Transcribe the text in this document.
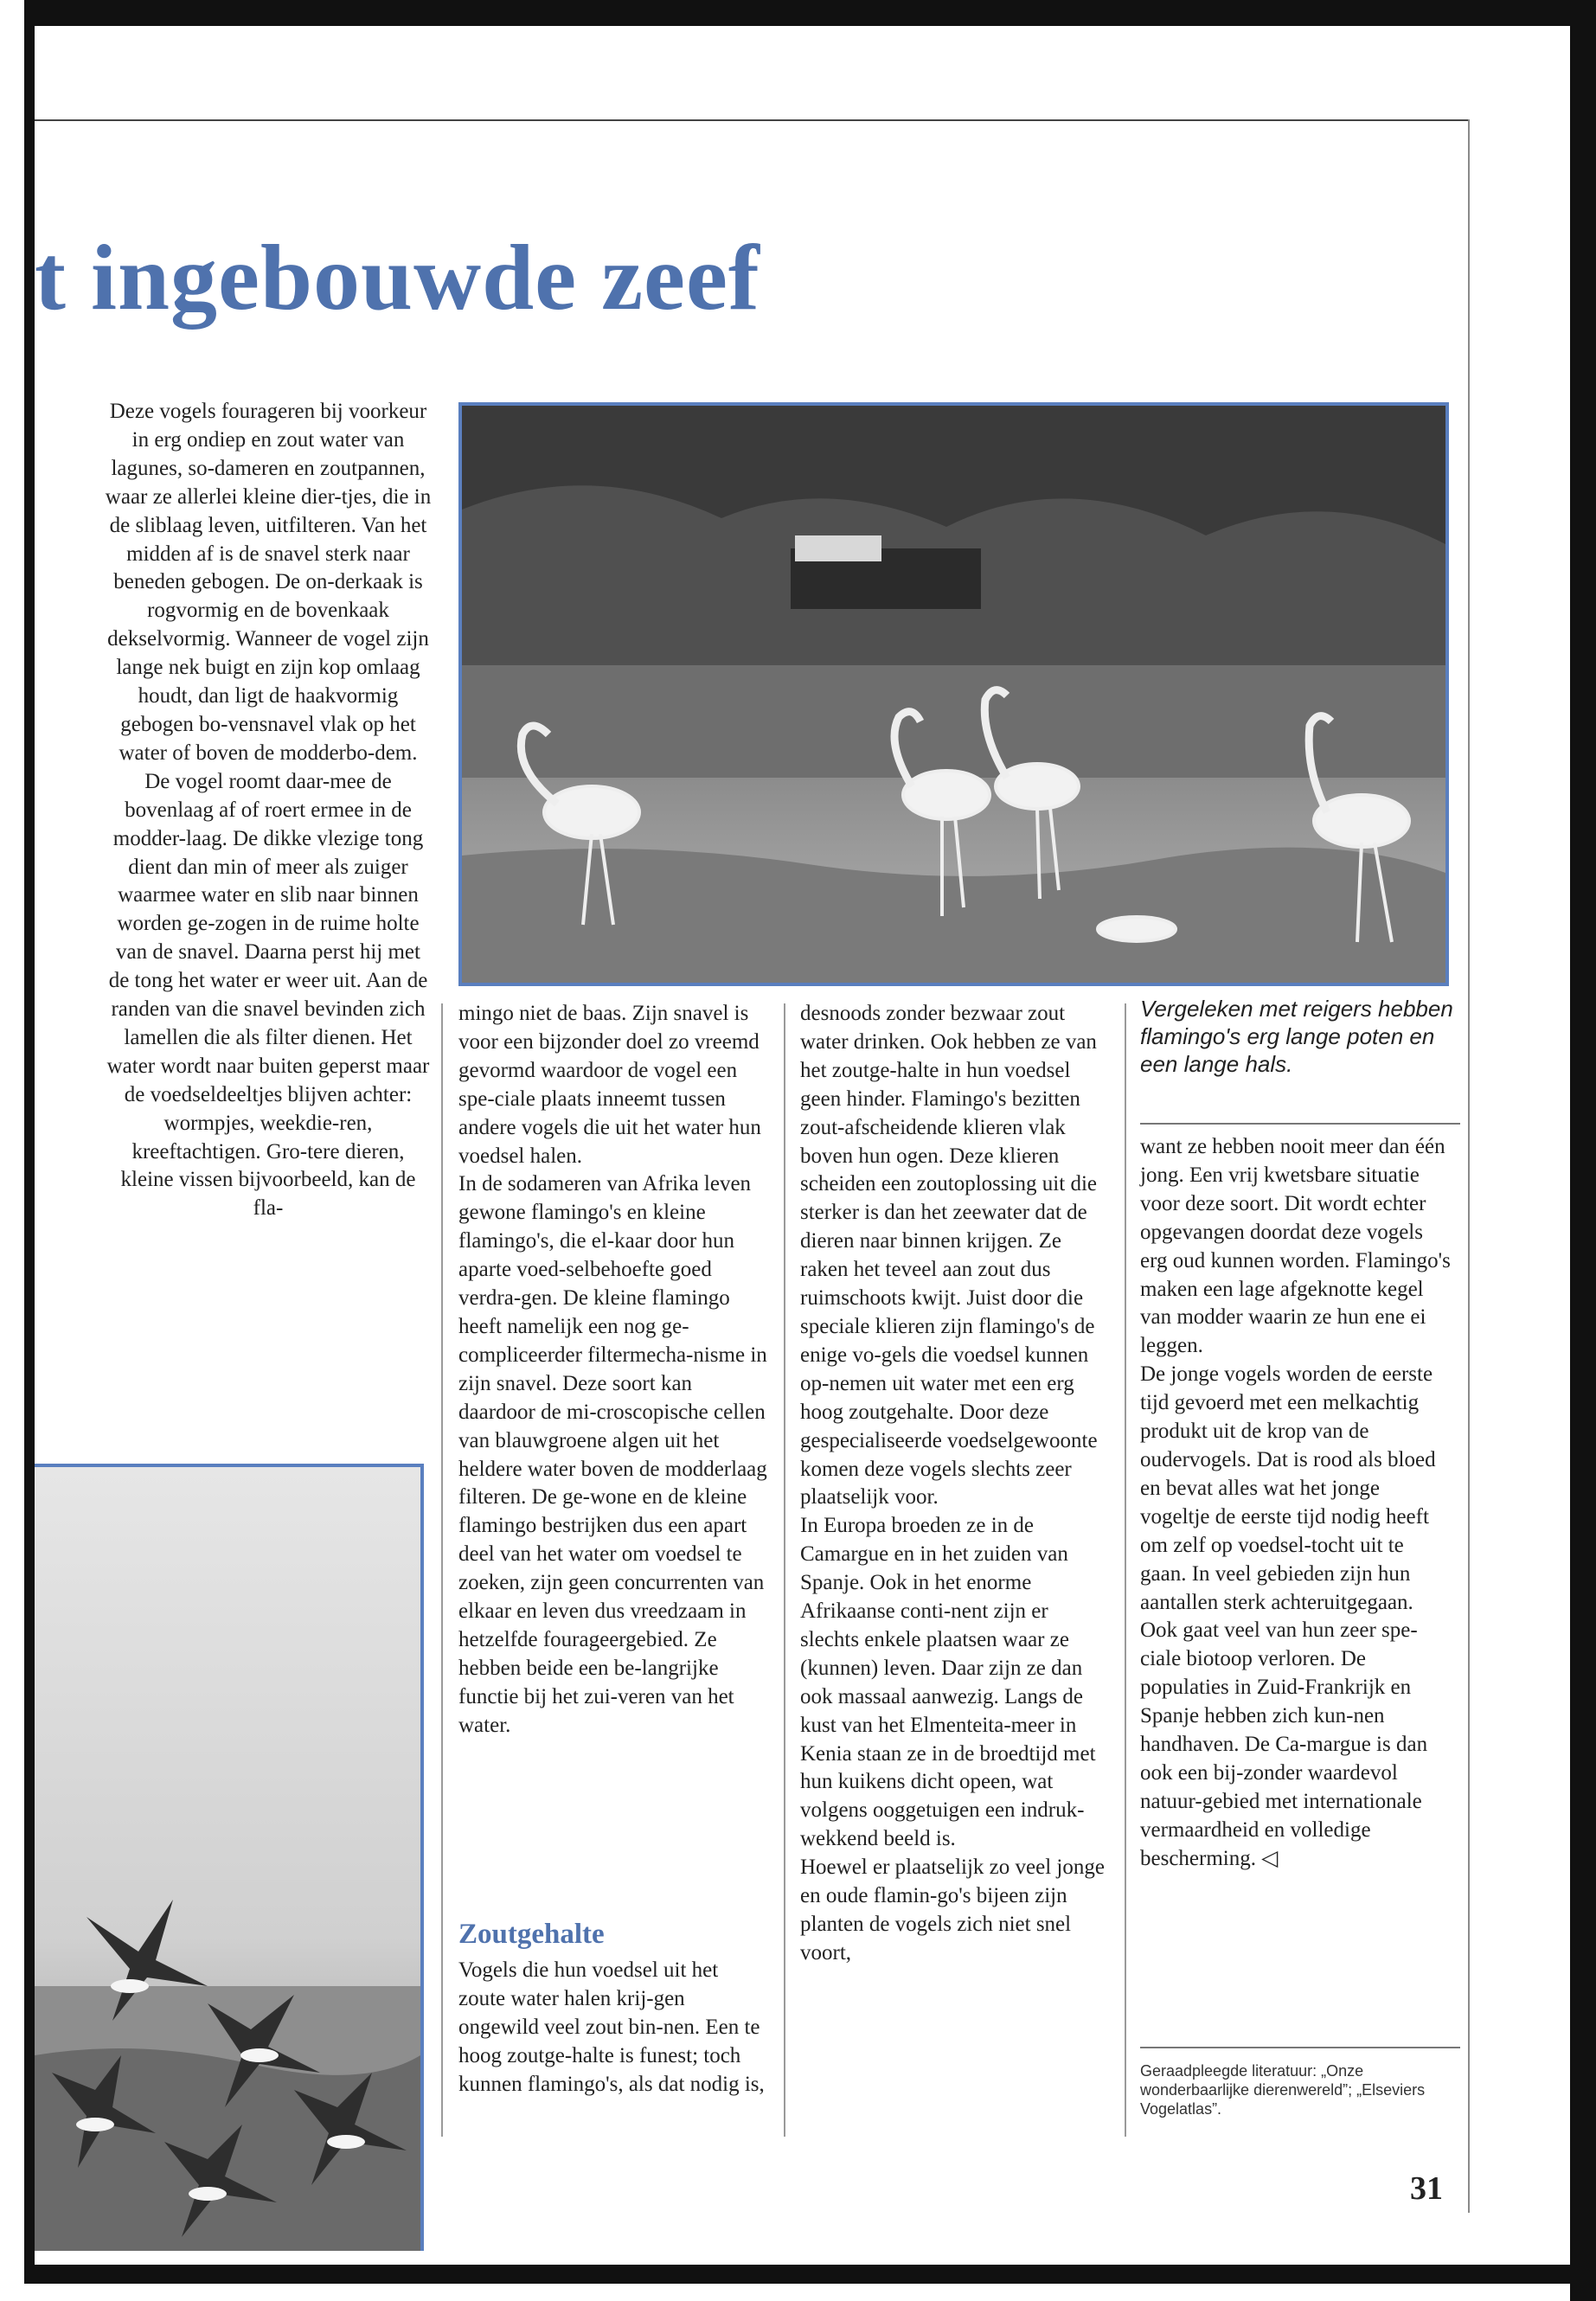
t ingebouwde zeef

Deze vogels fourageren bij voorkeur in erg ondiep en zout water van lagunes, so-dameren en zoutpannen, waar ze allerlei kleine dier-tjes, die in de sliblaag leven, uitfilteren. Van het midden af is de snavel sterk naar beneden gebogen. De on-derkaak is rogvormig en de bovenkaak dekselvormig. Wanneer de vogel zijn lange nek buigt en zijn kop omlaag houdt, dan ligt de haakvormig gebogen bo-vensnavel vlak op het water of boven de modderbo-dem. De vogel roomt daar-mee de bovenlaag af of roert ermee in de modder-laag. De dikke vlezige tong dient dan min of meer als zuiger waarmee water en slib naar binnen worden ge-zogen in de ruime holte van de snavel. Daarna perst hij met de tong het water er weer uit. Aan de randen van die snavel bevinden zich lamellen die als filter dienen. Het water wordt naar buiten geperst maar de voedseldeeltjes blijven achter: wormpjes, weekdie-ren, kreeftachtigen. Gro-tere dieren, kleine vissen bijvoorbeeld, kan de fla-

mingo niet de baas. Zijn snavel is voor een bijzonder doel zo vreemd gevormd waardoor de vogel een spe-ciale plaats inneemt tussen andere vogels die uit het water hun voedsel halen.

In de sodameren van Afrika leven gewone flamingo's en kleine flamingo's, die el-kaar door hun aparte voed-selbehoefte goed verdra-gen. De kleine flamingo heeft namelijk een nog ge-compliceerder filtermecha-nisme in zijn snavel. Deze soort kan daardoor de mi-croscopische cellen van blauwgroene algen uit het heldere water boven de modderlaag filteren. De ge-wone en de kleine flamingo bestrijken dus een apart deel van het water om voedsel te zoeken, zijn geen concurrenten van elkaar en leven dus vreedzaam in hetzelfde fourageergebied. Ze hebben beide een be-langrijke functie bij het zui-veren van het water.

Zoutgehalte

Vogels die hun voedsel uit het zoute water halen krij-gen ongewild veel zout bin-nen. Een te hoog zoutge-halte is funest; toch kunnen flamingo's, als dat nodig is,

desnoods zonder bezwaar zout water drinken. Ook hebben ze van het zoutge-halte in hun voedsel geen hinder. Flamingo's bezitten zout-afscheidende klieren vlak boven hun ogen. Deze klieren scheiden een zoutoplossing uit die sterker is dan het zeewater dat de dieren naar binnen krijgen. Ze raken het teveel aan zout dus ruimschoots kwijt. Juist door die speciale klieren zijn flamingo's de enige vo-gels die voedsel kunnen op-nemen uit water met een erg hoog zoutgehalte. Door deze gespecialiseerde voedselgewoonte komen deze vogels slechts zeer plaatselijk voor.

In Europa broeden ze in de Camargue en in het zuiden van Spanje. Ook in het enorme Afrikaanse conti-nent zijn er slechts enkele plaatsen waar ze (kunnen) leven. Daar zijn ze dan ook massaal aanwezig. Langs de kust van het Elmenteita-meer in Kenia staan ze in de broedtijd met hun kuikens dicht opeen, wat volgens ooggetuigen een indruk-wekkend beeld is.

Hoewel er plaatselijk zo veel jonge en oude flamin-go's bijeen zijn planten de vogels zich niet snel voort,

Vergeleken met reigers hebben flamingo's erg lange poten en een lange hals.

want ze hebben nooit meer dan één jong. Een vrij kwetsbare situatie voor deze soort. Dit wordt echter opgevangen doordat deze vogels erg oud kunnen worden. Flamingo's maken een lage afgeknotte kegel van modder waarin ze hun ene ei leggen.

De jonge vogels worden de eerste tijd gevoerd met een melkachtig produkt uit de krop van de oudervogels. Dat is rood als bloed en bevat alles wat het jonge vogeltje de eerste tijd nodig heeft om zelf op voedsel-tocht uit te gaan. In veel gebieden zijn hun aantallen sterk achteruitgegaan. Ook gaat veel van hun zeer spe-ciale biotoop verloren. De populaties in Zuid-Frankrijk en Spanje hebben zich kun-nen handhaven. De Ca-margue is dan ook een bij-zonder waardevol natuur-gebied met internationale vermaardheid en volledige bescherming. ◁

Geraadpleegde literatuur: „Onze wonderbaarlijke dierenwereld”; „Elseviers Vogelatlas”.
31
